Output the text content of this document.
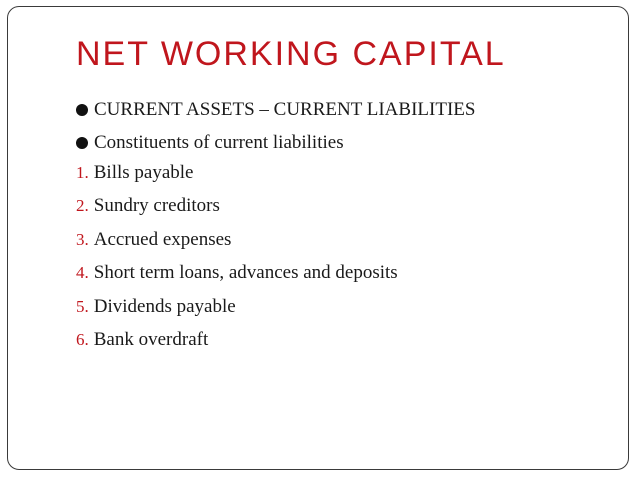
NET WORKING CAPITAL
CURRENT ASSETS – CURRENT LIABILITIES
Constituents of current liabilities
1. Bills payable
2. Sundry creditors
3. Accrued expenses
4. Short term loans, advances and deposits
5. Dividends payable
6. Bank overdraft
